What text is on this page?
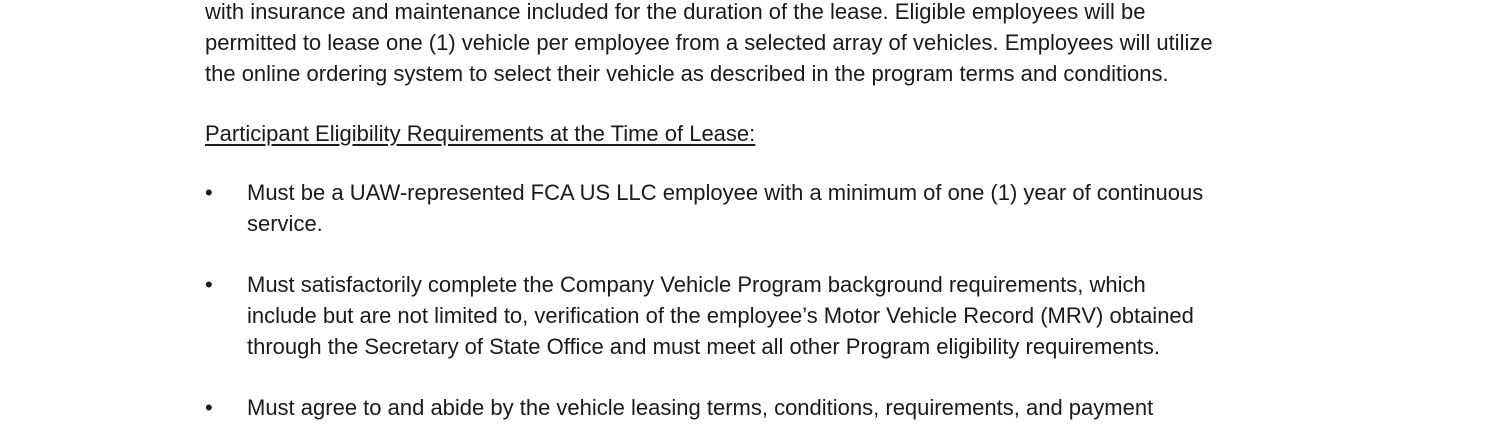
with insurance and maintenance included for the duration of the lease. Eligible employees will be
permitted to lease one (1) vehicle per employee from a selected array of vehicles. Employees will utilize
the online ordering system to select their vehicle as described in the program terms and conditions.

Participant Eligibility Requirements at the Time of Lease:

•	Must be a UAW-represented FCA US LLC employee with a minimum of one (1) year of continuous
service.
•	Must satisfactorily complete the Company Vehicle Program background requirements, which
include but are not limited to, verification of the employee’s Motor Vehicle Record (MRV) obtained
through the Secretary of State Office and must meet all other Program eligibility requirements.
•	Must agree to and abide by the vehicle leasing terms, conditions, requirements, and payment
